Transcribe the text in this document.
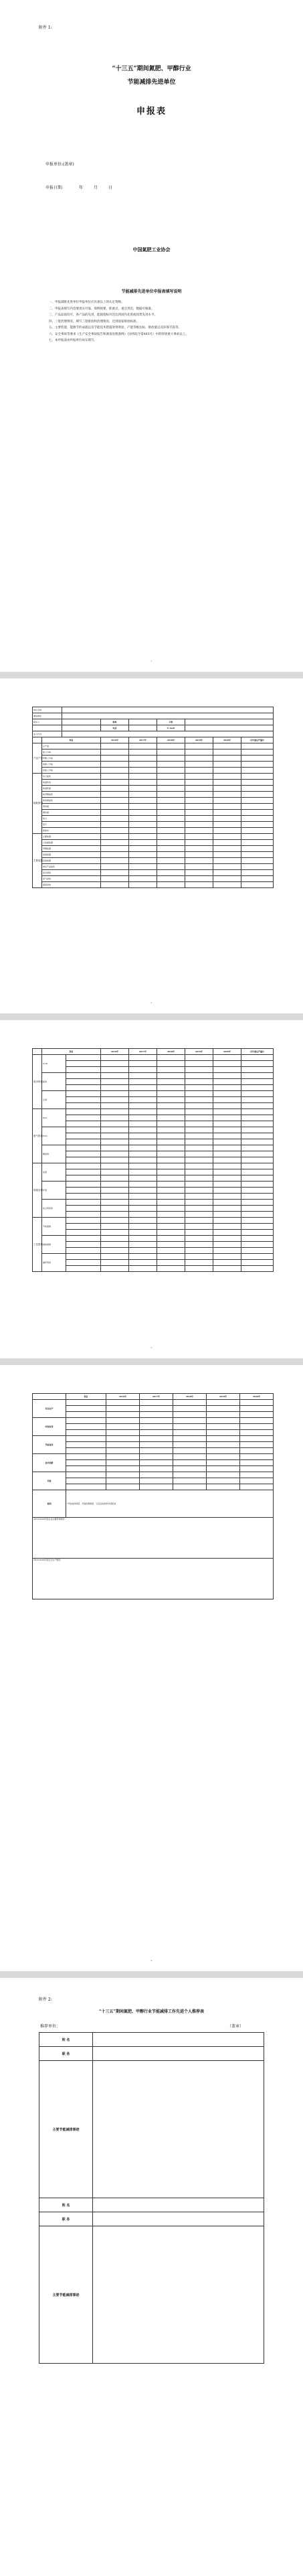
附件 1:
“十三五”期间氮肥、甲醇行业
节能减排先进单位
申报表
申报单位:(盖章)
申报日期:	年	月	日
中国氮肥工业协会
节能减排先进单位申报表填写说明

一、申报减排先进单位申报单位应具备以上的认定资格。

二、申报表填写内容要真实可靠、简明扼要、抓重点、重点突出，数据可核准。

三、产品品质均可，各产品的先进、能耗指标对比达到国内先进或同类先进水平。

四、三废治理情况，填写三废排放和治理情况，达到国家排放标准。

五、主要装置、能源节约成就以及节能技术措施效果明显，产能等级达标，排放量以及环保手段等。

六、安全事故等要求《生产安全事故报告和调查处理条例》（国务院令第493号）中的特别重大事故以上。

七、本申报表由申报单位如实填写。

1
单位名称								
通信地址								
联系人			职务		手机			
			电话		E-mail			
法人代表								
	项目		2016年	2017年	2018年	2019年	2020年	以年度总产量计
产品产量	总产量							
	氨 (万吨)							
	甲醇 (万吨)							
	尿素 (万吨)							
	其他 (万吨)							
能耗情况	综合能耗							
	吨氨耗电							
	吨氨耗煤							
	吨甲醇能耗							
	吨尿素能耗							
	原料煤							
	燃料煤							
	电力							
	蒸汽							
	新鲜水							
主要装置	主要装置							
	合成氨装置							
	甲醇装置							
	尿素装置							
	其他装置							
	单位产品能耗							
	废水排放							
	废气排放							
	固废排放							
2
	项目		2016年	2017年	2018年	2019年	2020年	以年度总产量计
废水排放	COD							

	氨氮							

	总氮							

废气排放	SO2							

	NOx							

	颗粒物							

固废处理	灰渣							

	炉渣							

	综合利用率							

工艺措施	节能措施							

	减排措施							

	循环利用							

3
	项目	2016年	2017年	2018年	2019年	2020年
安全生产						

环保处罚						

节能技改						

技术创新						

其他						

说明	*节能技改项目、环保治理项目、以及后续资料详见附表					
2016-2020年度企业主要荣誉情况：						
2016-2020年度安全生产情况：						
4
附件 2:
“十三五”期间氮肥、甲醇行业节能减排工作先进个人推荐表
推荐单位：	（盖章）
姓 名	
职 务	
主要节能减排事迹	
姓 名	
职 务	
主要节能减排事迹	
